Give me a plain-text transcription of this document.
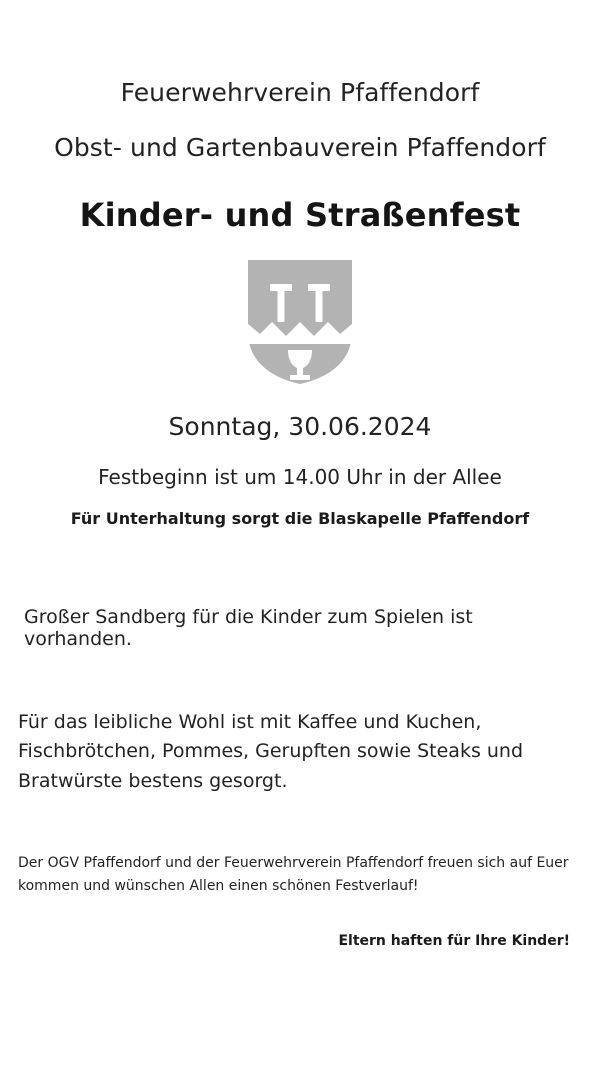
Feuerwehrverein Pfaffendorf
Obst- und Gartenbauverein Pfaffendorf
Kinder- und Straßenfest
Sonntag, 30.06.2024
Festbeginn ist um 14.00 Uhr in der Allee
Für Unterhaltung sorgt die Blaskapelle Pfaffendorf
Großer Sandberg für die Kinder zum Spielen ist vorhanden.
Für das leibliche Wohl ist mit Kaffee und Kuchen,
Fischbrötchen, Pommes, Gerupften sowie Steaks und
Bratwürste bestens gesorgt.
Der OGV Pfaffendorf und der Feuerwehrverein Pfaffendorf freuen sich auf Euer
kommen und wünschen Allen einen schönen Festverlauf!
Eltern haften für Ihre Kinder!
